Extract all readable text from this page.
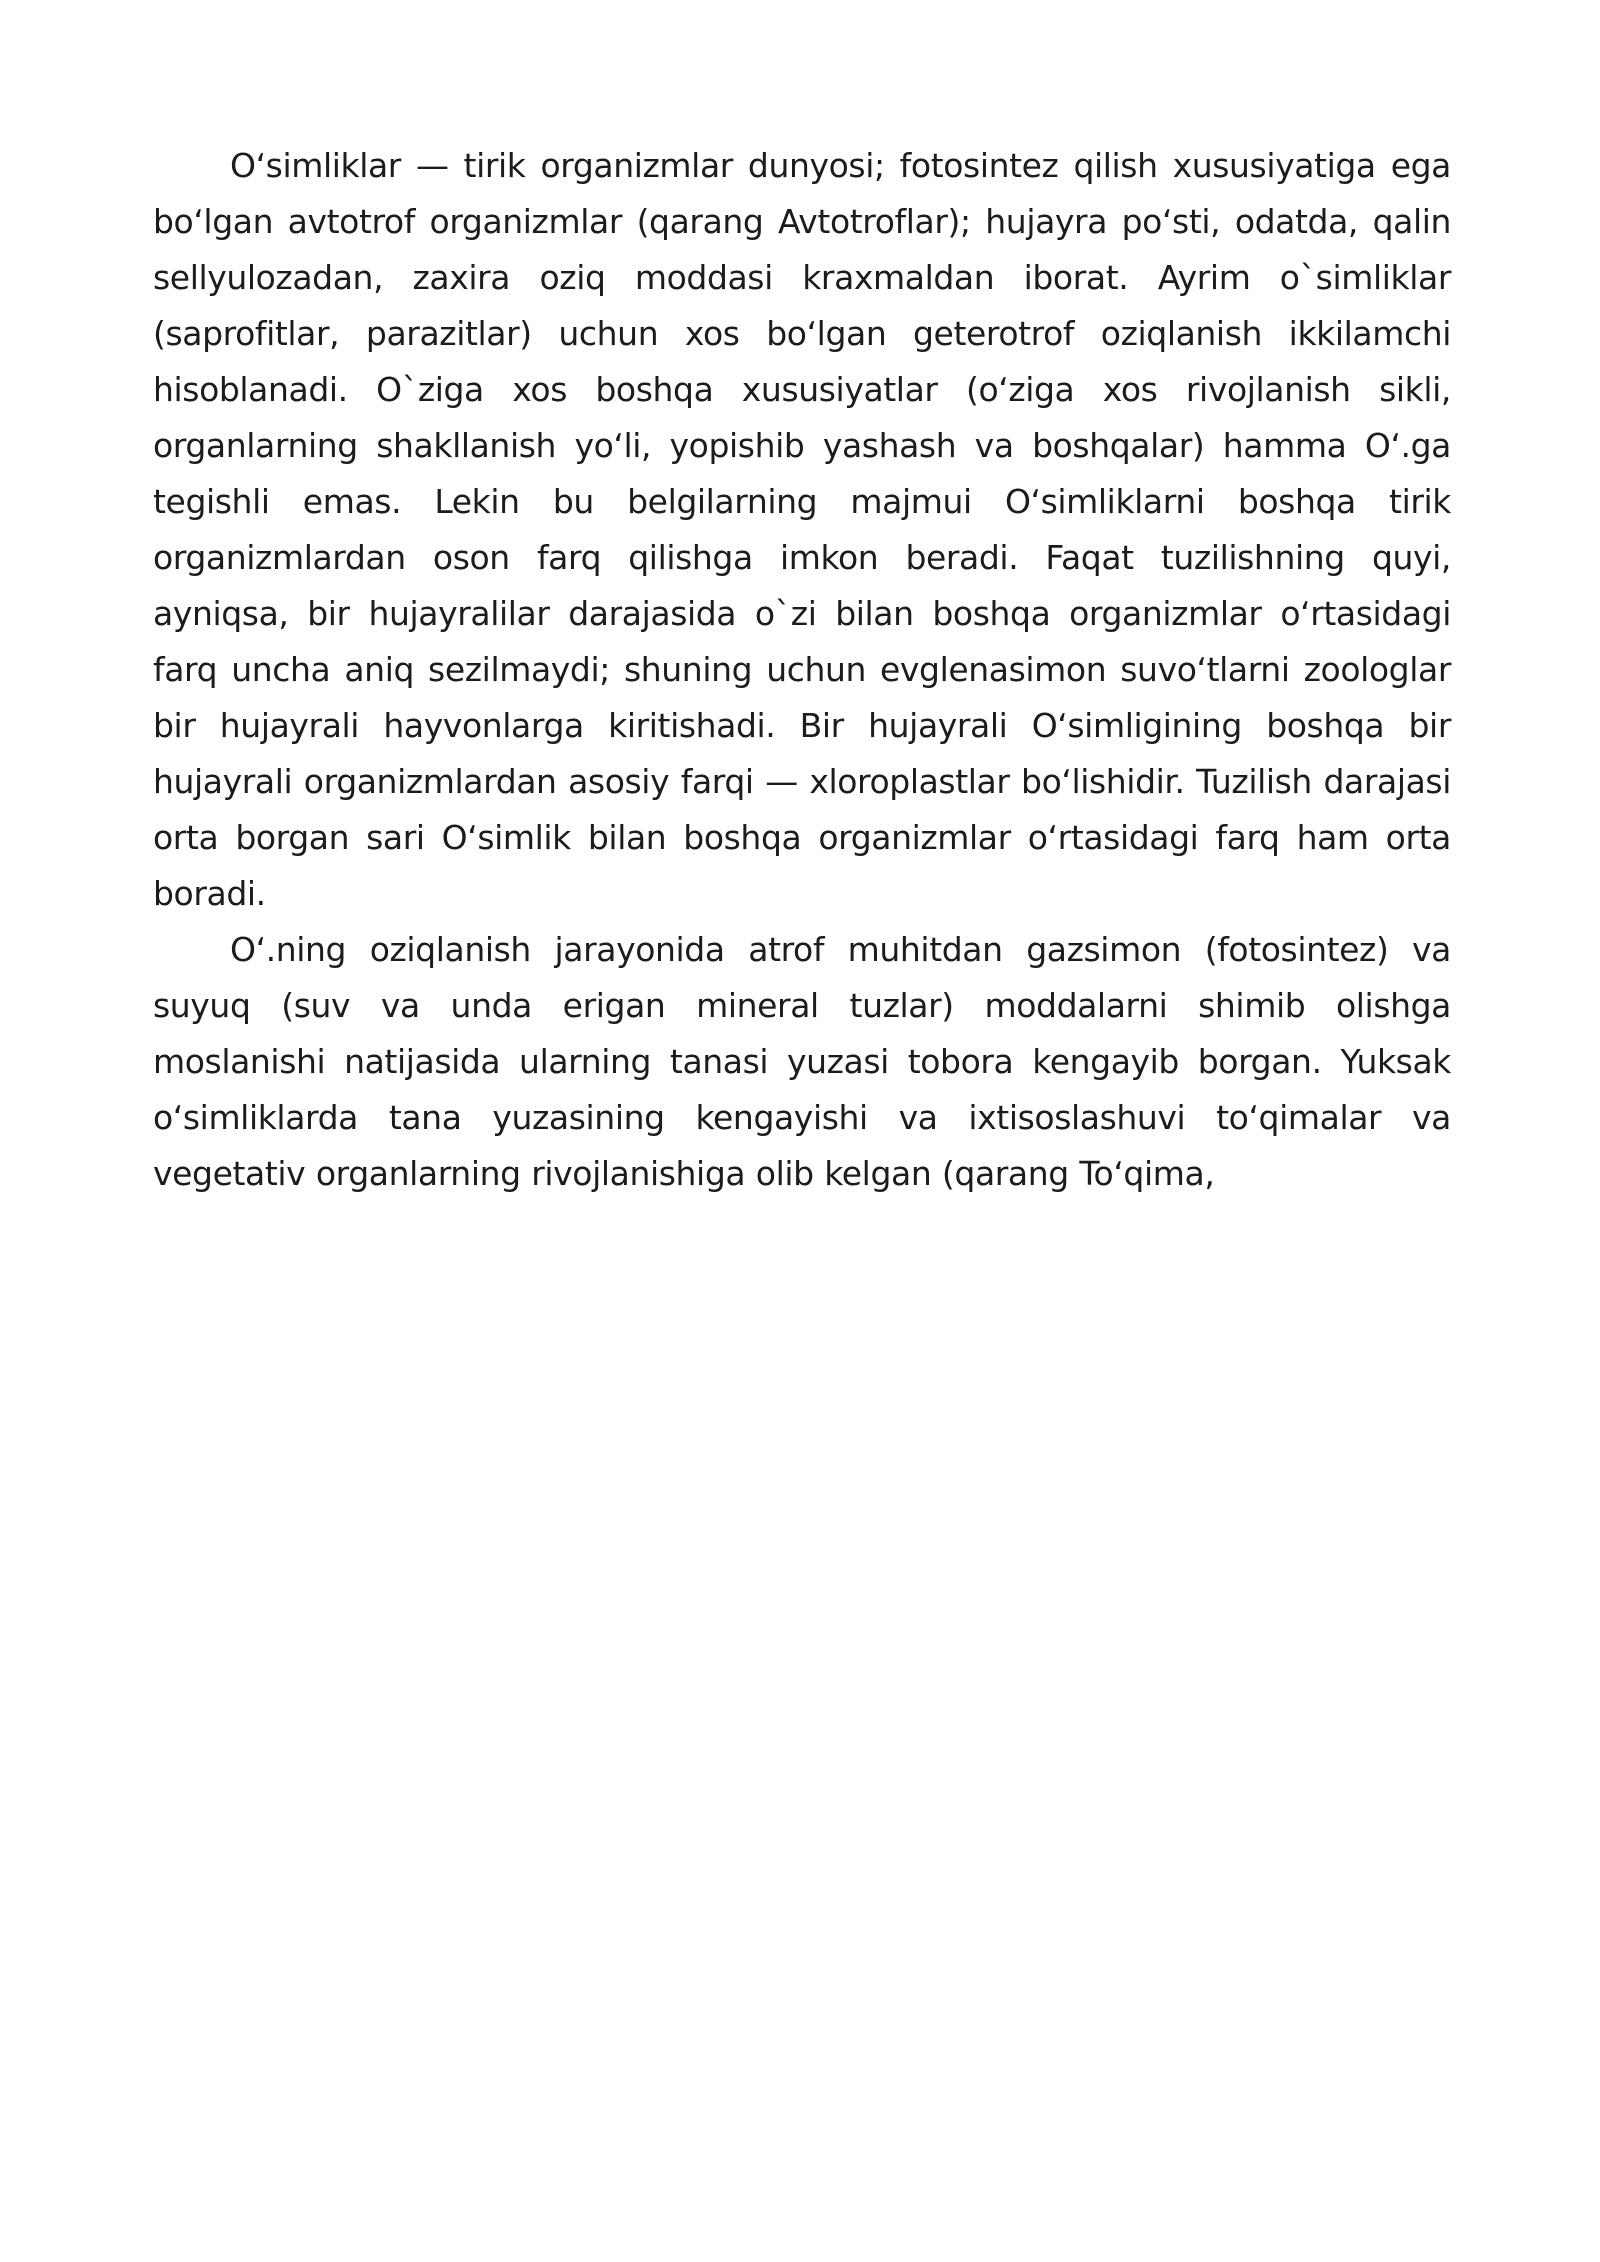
O‘simliklar — tirik organizmlar dunyosi; fotosintez qilish xususiyatiga ega bo‘lgan avtotrof organizmlar (qarang Avtotroflar); hujayra po‘sti, odatda, qalin sellyulozadan, zaxira oziq moddasi kraxmaldan iborat. Ayrim o`simliklar (saprofitlar, parazitlar) uchun xos bo‘lgan geterotrof oziqlanish ikkilamchi hisoblanadi. O`ziga xos boshqa xususiyatlar (o‘ziga xos rivojlanish sikli, organlarning shakllanish yo‘li, yopishib yashash va boshqalar) hamma O‘.ga tegishli emas. Lekin bu belgilarning majmui O‘simliklarni boshqa tirik organizmlardan oson farq qilishga imkon beradi. Faqat tuzilishning quyi, ayniqsa, bir hujayralilar darajasida o`zi bilan boshqa organizmlar o‘rtasidagi farq uncha aniq sezilmaydi; shuning uchun evglenasimon suvo‘tlarni zoologlar bir hujayrali hayvonlarga kiritishadi. Bir hujayrali O‘simligining boshqa bir hujayrali organizmlardan asosiy farqi — xloroplastlar bo‘lishidir. Tuzilish darajasi orta borgan sari O‘simlik bilan boshqa organizmlar o‘rtasidagi farq ham orta boradi.

O‘.ning oziqlanish jarayonida atrof muhitdan gazsimon (fotosintez) va suyuq (suv va unda erigan mineral tuzlar) moddalarni shimib olishga moslanishi natijasida ularning tanasi yuzasi tobora kengayib borgan. Yuksak o‘simliklarda tana yuzasining kengayishi va ixtisoslashuvi to‘qimalar va vegetativ organlarning rivojlanishiga olib kelgan (qarang To‘qima,
